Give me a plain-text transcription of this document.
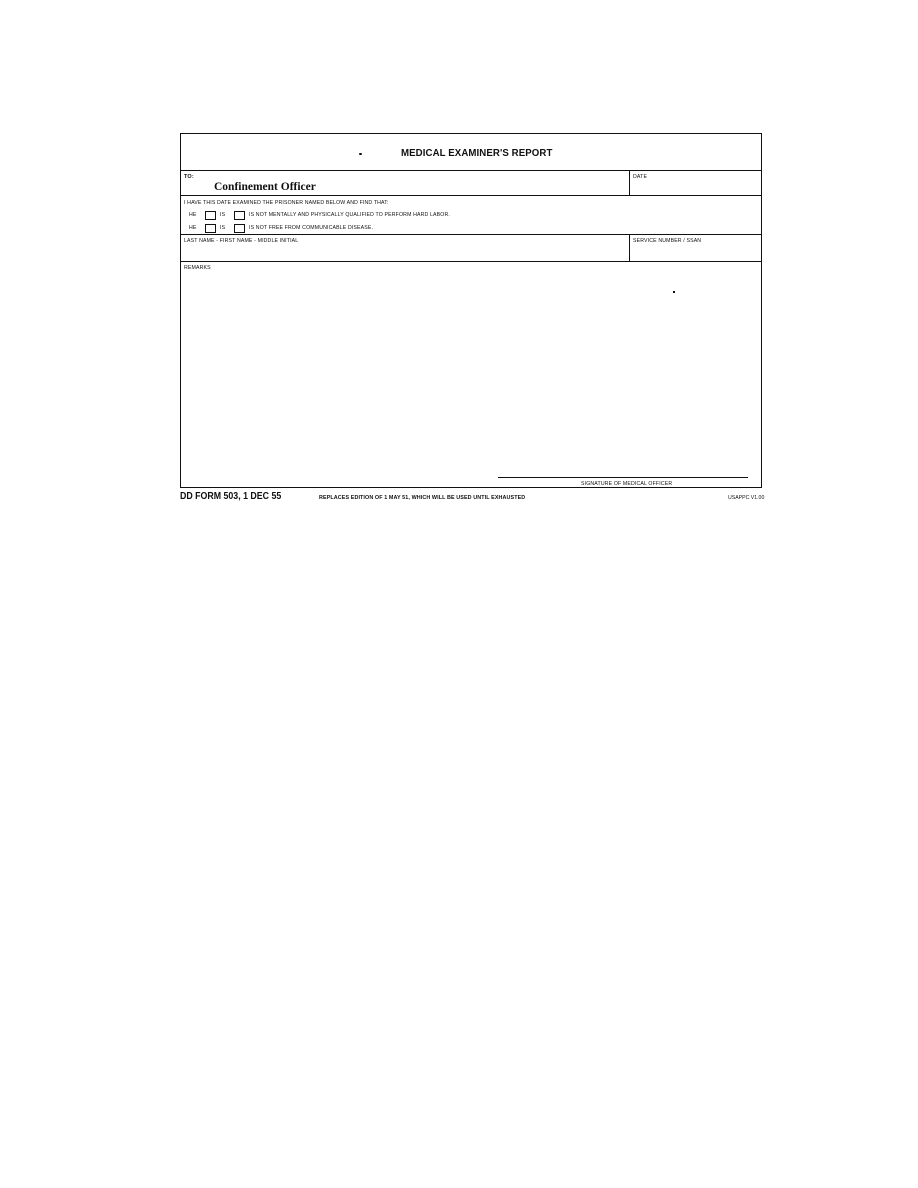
MEDICAL EXAMINER'S REPORT
TO:
Confinement Officer
DATE
I HAVE THIS DATE EXAMINED THE PRISONER NAMED BELOW AND FIND THAT:
HE	IS	IS NOT MENTALLY AND PHYSICALLY QUALIFIED TO PERFORM HARD LABOR.
HE	IS	IS NOT FREE FROM COMMUNICABLE DISEASE.
LAST NAME - FIRST NAME - MIDDLE INITIAL	SERVICE NUMBER / SSAN
REMARKS
SIGNATURE OF MEDICAL OFFICER
DD FORM 503, 1 DEC 55	REPLACES EDITION OF 1 MAY 51, WHICH WILL BE USED UNTIL EXHAUSTED	USAPPC V1.00
